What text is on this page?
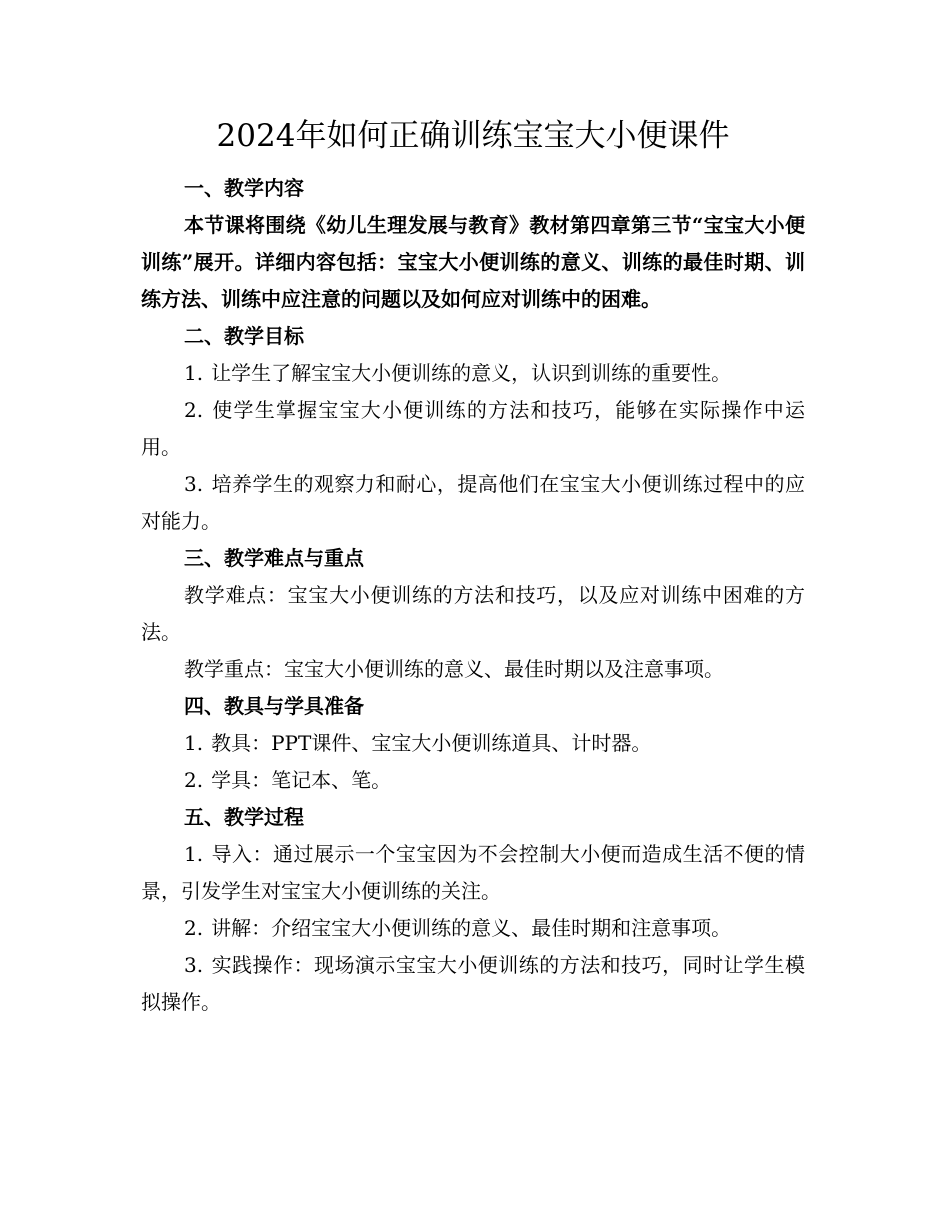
2024年如何正确训练宝宝大小便课件

一、教学内容

本节课将围绕《幼儿生理发展与教育》教材第四章第三节“宝宝大小便训练”展开。详细内容包括：宝宝大小便训练的意义、训练的最佳时期、训练方法、训练中应注意的问题以及如何应对训练中的困难。

二、教学目标

1. 让学生了解宝宝大小便训练的意义，认识到训练的重要性。
2. 使学生掌握宝宝大小便训练的方法和技巧，能够在实际操作中运用。
3. 培养学生的观察力和耐心，提高他们在宝宝大小便训练过程中的应对能力。

三、教学难点与重点

教学难点：宝宝大小便训练的方法和技巧，以及应对训练中困难的方法。

教学重点：宝宝大小便训练的意义、最佳时期以及注意事项。

四、教具与学具准备

1. 教具：PPT课件、宝宝大小便训练道具、计时器。
2. 学具：笔记本、笔。

五、教学过程

1. 导入：通过展示一个宝宝因为不会控制大小便而造成生活不便的情景，引发学生对宝宝大小便训练的关注。
2. 讲解：介绍宝宝大小便训练的意义、最佳时期和注意事项。
3. 实践操作：现场演示宝宝大小便训练的方法和技巧，同时让学生模拟操作。
